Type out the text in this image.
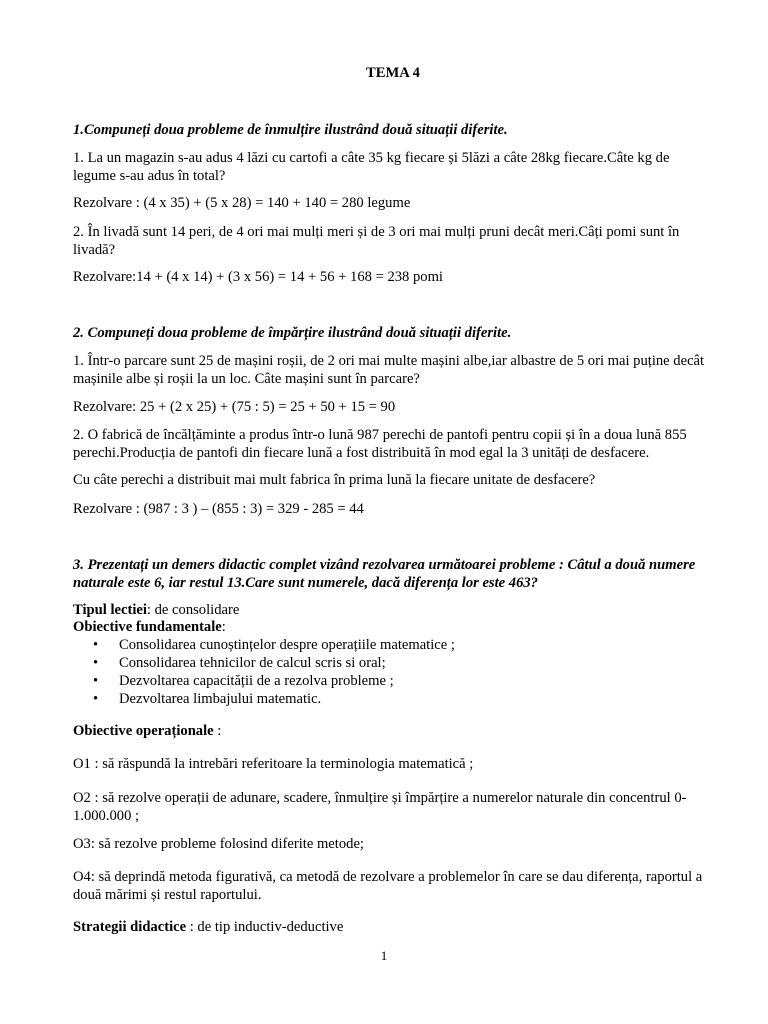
TEMA 4
1.Compuneți doua probleme de înmulțire ilustrând două situații diferite.
1. La un magazin s-au adus 4 lăzi cu cartofi a câte 35 kg fiecare și 5lăzi a câte 28kg fiecare.Câte kg de legume s-au adus în total?
Rezolvare : (4 x 35) + (5 x 28) = 140 + 140 = 280 legume
2. În livadă sunt 14 peri, de 4 ori mai mulți meri și de 3 ori mai mulți pruni decât meri.Câți pomi sunt în livadă?
Rezolvare:14 + (4 x 14) + (3 x 56) = 14 + 56 + 168 = 238 pomi
2. Compuneți doua probleme de împărțire ilustrând două situații diferite.
1. Într-o parcare sunt 25 de mașini roșii, de 2 ori mai multe mașini albe,iar albastre de 5 ori mai puține decât mașinile albe și roșii la un loc. Câte mașini sunt în parcare?
Rezolvare: 25 + (2 x 25) + (75 : 5) = 25 + 50 + 15 = 90
2. O fabrică de încălțăminte a produs într-o lună 987 perechi de pantofi pentru copii și în a doua lună 855 perechi.Producția de pantofi din fiecare lună a fost distribuită în mod egal la 3 unități de desfacere.
Cu câte perechi a distribuit mai mult fabrica în prima lună la fiecare unitate de desfacere?
Rezolvare : (987 : 3 ) – (855 : 3) = 329 - 285 = 44
3. Prezentați un demers didactic complet vizând rezolvarea următoarei probleme : Câtul a două numere naturale este 6, iar restul 13.Care sunt numerele, dacă diferența lor este 463?
Tipul lectiei: de consolidare
Obiective fundamentale:
• Consolidarea cunoștințelor despre operațiile matematice ;
• Consolidarea tehnicilor de calcul scris si oral;
• Dezvoltarea capacității de a rezolva probleme ;
• Dezvoltarea limbajului matematic.
Obiective operaționale :
O1 : să răspundă la intrebări referitoare la terminologia matematică ;
O2 : să rezolve operații de adunare, scadere, înmulțire și împărțire a numerelor naturale din concentrul 0- 1.000.000 ;
O3: să rezolve probleme folosind diferite metode;
O4: să deprindă metoda figurativă, ca metodă de rezolvare a problemelor în care se dau diferența, raportul a două mărimi și restul raportului.
Strategii didactice : de tip inductiv-deductive
1
